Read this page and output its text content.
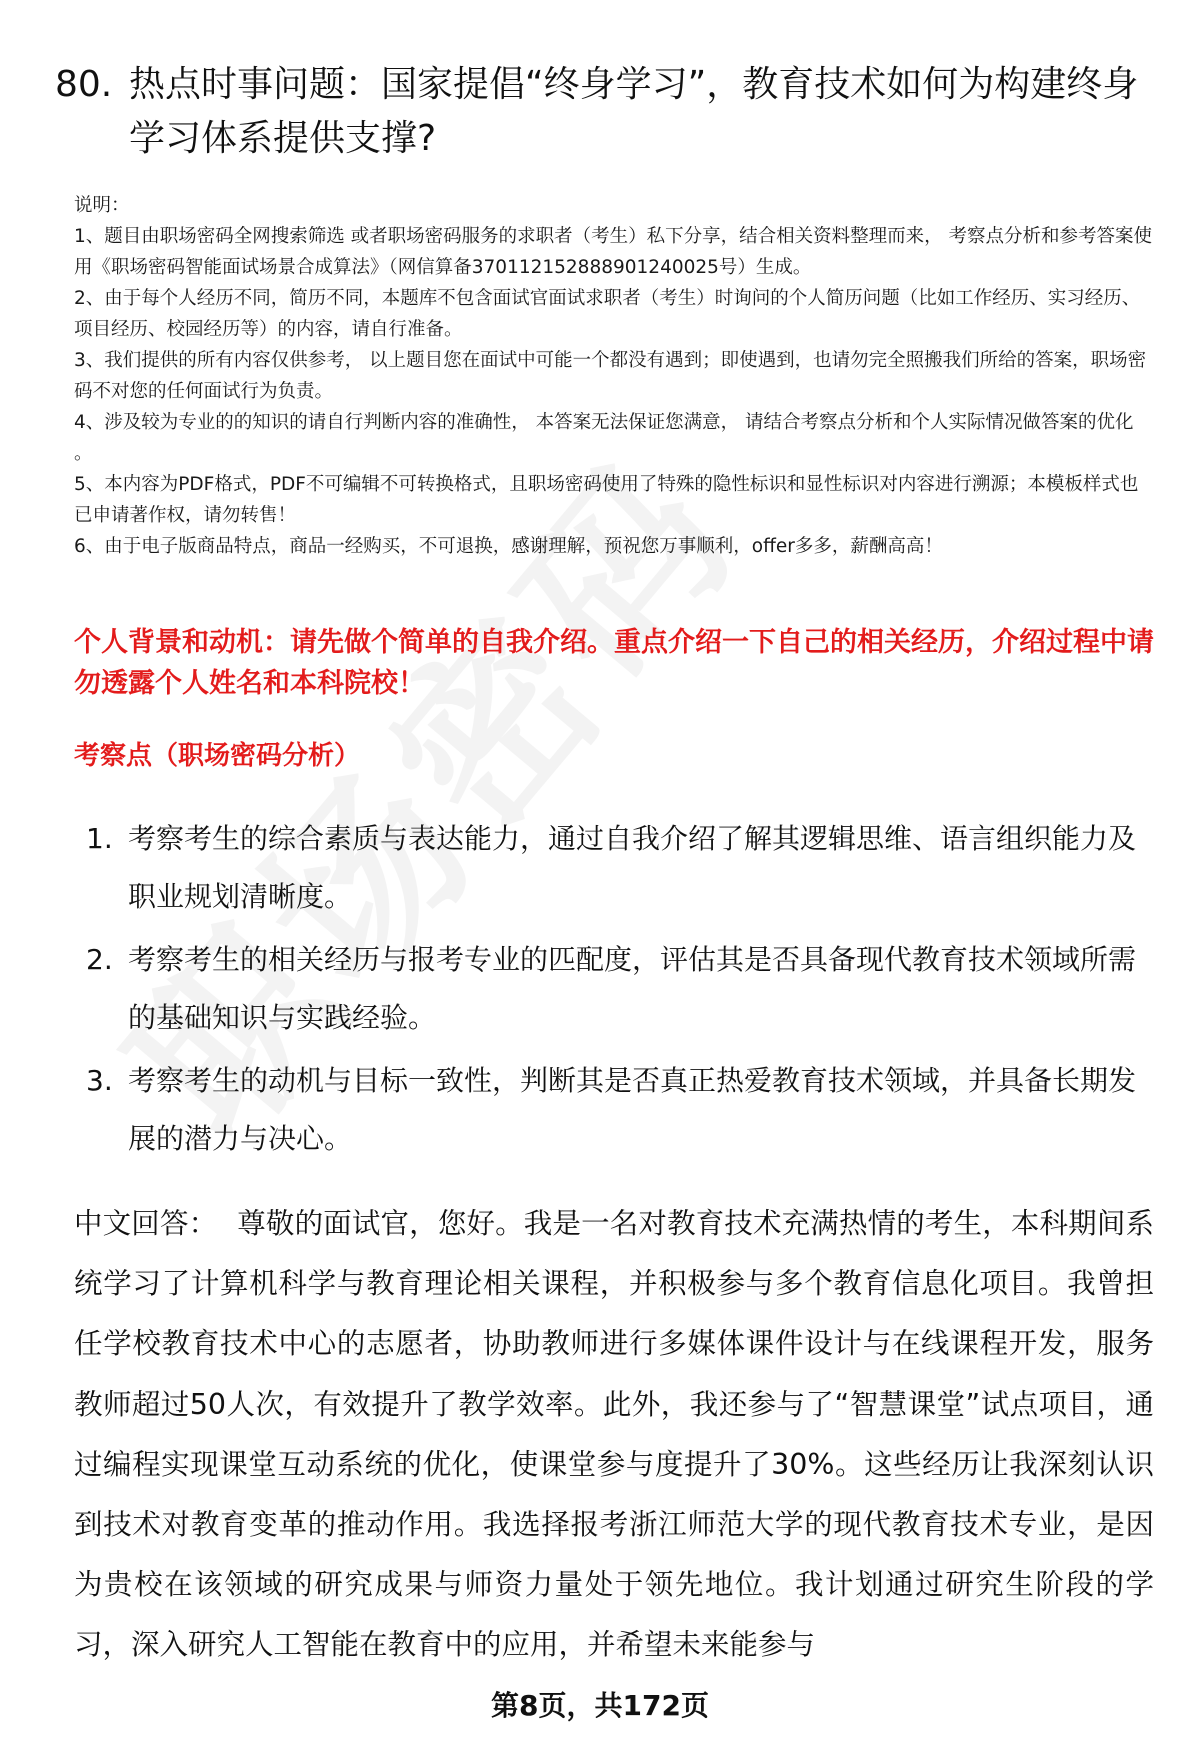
80. 热点时事问题：国家提倡“终身学习”，教育技术如何为构建终身学习体系提供支撑?

说明：

1、题目由职场密码全网搜索筛选 或者职场密码服务的求职者（考生）私下分享，结合相关资料整理而来， 考察点分析和参考答案使用《职场密码智能面试场景合成算法》（网信算备370112152888901240025号）生成。

2、由于每个人经历不同，简历不同，本题库不包含面试官面试求职者（考生）时询问的个人简历问题（比如工作经历、实习经历、项目经历、校园经历等）的内容，请自行准备。

3、我们提供的所有内容仅供参考， 以上题目您在面试中可能一个都没有遇到；即使遇到，也请勿完全照搬我们所给的答案，职场密码不对您的任何面试行为负责。

4、涉及较为专业的的知识的请自行判断内容的准确性， 本答案无法保证您满意， 请结合考察点分析和个人实际情况做答案的优化 。

5、本内容为PDF格式，PDF不可编辑不可转换格式，且职场密码使用了特殊的隐性标识和显性标识对内容进行溯源；本模板样式也已申请著作权，请勿转售！

6、由于电子版商品特点，商品一经购买，不可退换，感谢理解，预祝您万事顺利，offer多多，薪酬高高！

个人背景和动机：请先做个简单的自我介绍。重点介绍一下自己的相关经历，介绍过程中请勿透露个人姓名和本科院校！
考察点（职场密码分析）
1. 考察考生的综合素质与表达能力，通过自我介绍了解其逻辑思维、语言组织能力及职业规划清晰度。
2. 考察考生的相关经历与报考专业的匹配度，评估其是否具备现代教育技术领域所需的基础知识与实践经验。
3. 考察考生的动机与目标一致性，判断其是否真正热爱教育技术领域，并具备长期发展的潜力与决心。
中文回答： 尊敬的面试官，您好。我是一名对教育技术充满热情的考生，本科期间系统学习了计算机科学与教育理论相关课程，并积极参与多个教育信息化项目。我曾担任学校教育技术中心的志愿者，协助教师进行多媒体课件设计与在线课程开发，服务教师超过50人次，有效提升了教学效率。此外，我还参与了“智慧课堂”试点项目，通过编程实现课堂互动系统的优化，使课堂参与度提升了30%。这些经历让我深刻认识到技术对教育变革的推动作用。我选择报考浙江师范大学的现代教育技术专业，是因为贵校在该领域的研究成果与师资力量处于领先地位。我计划通过研究生阶段的学习，深入研究人工智能在教育中的应用，并希望未来能参与
第8页，共172页
